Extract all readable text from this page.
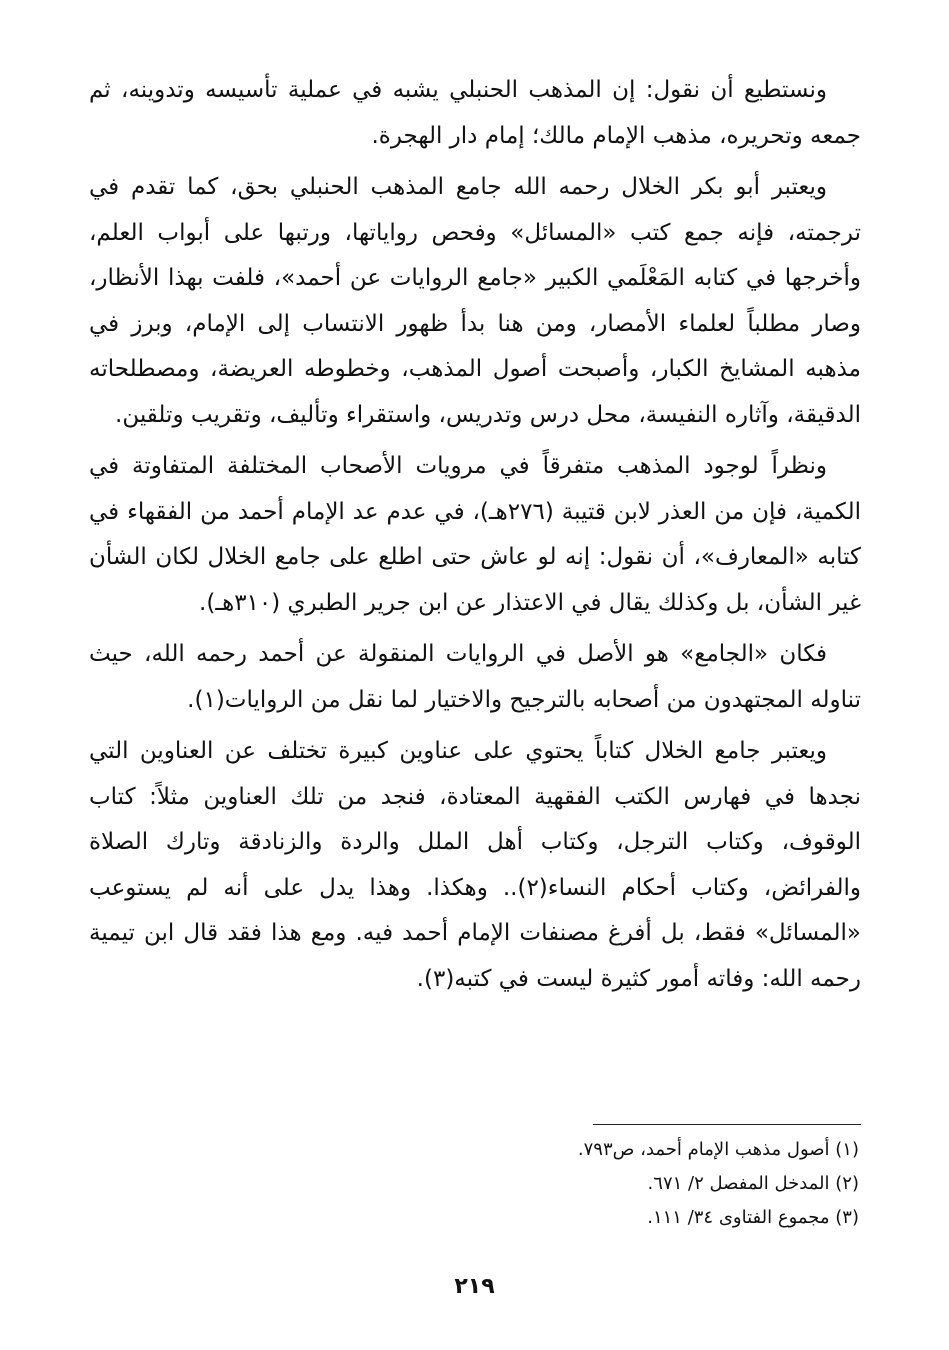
ونستطيع أن نقول: إن المذهب الحنبلي يشبه في عملية تأسيسه وتدوينه، ثم جمعه وتحريره، مذهب الإمام مالك؛ إمام دار الهجرة.

ويعتبر أبو بكر الخلال رحمه الله جامع المذهب الحنبلي بحق، كما تقدم في ترجمته، فإنه جمع كتب «المسائل» وفحص رواياتها، ورتبها على أبواب العلم، وأخرجها في كتابه المَعْلَمي الكبير «جامع الروايات عن أحمد»، فلفت بهذا الأنظار، وصار مطلباً لعلماء الأمصار، ومن هنا بدأ ظهور الانتساب إلى الإمام، وبرز في مذهبه المشايخ الكبار، وأصبحت أصول المذهب، وخطوطه العريضة، ومصطلحاته الدقيقة، وآثاره النفيسة، محل درس وتدريس، واستقراء وتأليف، وتقريب وتلقين.

ونظراً لوجود المذهب متفرقاً في مرويات الأصحاب المختلفة المتفاوتة في الكمية، فإن من العذر لابن قتيبة (٢٧٦هـ)، في عدم عد الإمام أحمد من الفقهاء في كتابه «المعارف»، أن نقول: إنه لو عاش حتى اطلع على جامع الخلال لكان الشأن غير الشأن، بل وكذلك يقال في الاعتذار عن ابن جرير الطبري (٣١٠هـ).

فكان «الجامع» هو الأصل في الروايات المنقولة عن أحمد رحمه الله، حيث تناوله المجتهدون من أصحابه بالترجيح والاختيار لما نقل من الروايات(١).

ويعتبر جامع الخلال كتاباً يحتوي على عناوين كبيرة تختلف عن العناوين التي نجدها في فهارس الكتب الفقهية المعتادة، فنجد من تلك العناوين مثلاً: كتاب الوقوف، وكتاب الترجل، وكتاب أهل الملل والردة والزنادقة وتارك الصلاة والفرائض، وكتاب أحكام النساء(٢).. وهكذا. وهذا يدل على أنه لم يستوعب «المسائل» فقط، بل أفرغ مصنفات الإمام أحمد فيه. ومع هذا فقد قال ابن تيمية رحمه الله: وفاته أمور كثيرة ليست في كتبه(٣).

(١) أصول مذهب الإمام أحمد، ص٧٩٣.
(٢) المدخل المفصل ٢/ ٦٧١.
(٣) مجموع الفتاوى ٣٤/ ١١١.
٢١٩
